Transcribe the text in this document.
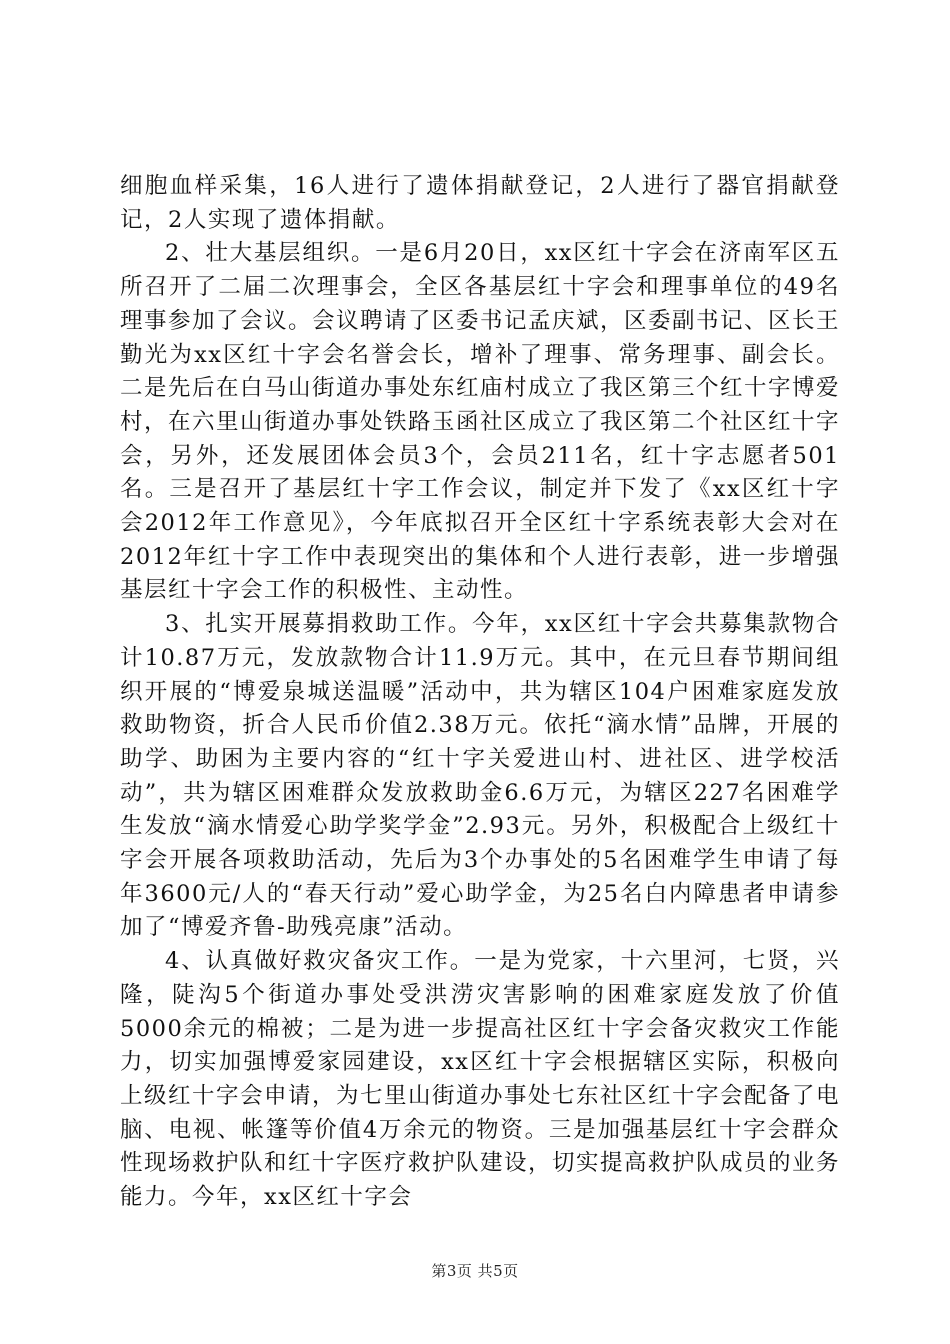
细胞血样采集，16人进行了遗体捐献登记，2人进行了器官捐献登记，2人实现了遗体捐献。

2、壮大基层组织。一是6月20日，xx区红十字会在济南军区五所召开了二届二次理事会，全区各基层红十字会和理事单位的49名理事参加了会议。会议聘请了区委书记孟庆斌，区委副书记、区长王勤光为xx区红十字会名誉会长，增补了理事、常务理事、副会长。二是先后在白马山街道办事处东红庙村成立了我区第三个红十字博爱村，在六里山街道办事处铁路玉函社区成立了我区第二个社区红十字会，另外，还发展团体会员3个，会员211名，红十字志愿者501名。三是召开了基层红十字工作会议，制定并下发了《xx区红十字会2012年工作意见》，今年底拟召开全区红十字系统表彰大会对在2012年红十字工作中表现突出的集体和个人进行表彰，进一步增强基层红十字会工作的积极性、主动性。

3、扎实开展募捐救助工作。今年，xx区红十字会共募集款物合计10.87万元，发放款物合计11.9万元。其中，在元旦春节期间组织开展的“博爱泉城送温暖”活动中，共为辖区104户困难家庭发放救助物资，折合人民币价值2.38万元。依托“滴水情”品牌，开展的助学、助困为主要内容的“红十字关爱进山村、进社区、进学校活动”，共为辖区困难群众发放救助金6.6万元，为辖区227名困难学生发放“滴水情爱心助学奖学金”2.93元。另外，积极配合上级红十字会开展各项救助活动，先后为3个办事处的5名困难学生申请了每年3600元/人的“春天行动”爱心助学金，为25名白内障患者申请参加了“博爱齐鲁-助残亮康”活动。

4、认真做好救灾备灾工作。一是为党家，十六里河，七贤，兴隆，陡沟5个街道办事处受洪涝灾害影响的困难家庭发放了价值5000余元的棉被；二是为进一步提高社区红十字会备灾救灾工作能力，切实加强博爱家园建设，xx区红十字会根据辖区实际，积极向上级红十字会申请，为七里山街道办事处七东社区红十字会配备了电脑、电视、帐篷等价值4万余元的物资。三是加强基层红十字会群众性现场救护队和红十字医疗救护队建设，切实提高救护队成员的业务能力。今年，xx区红十字会

第3页 共5页
